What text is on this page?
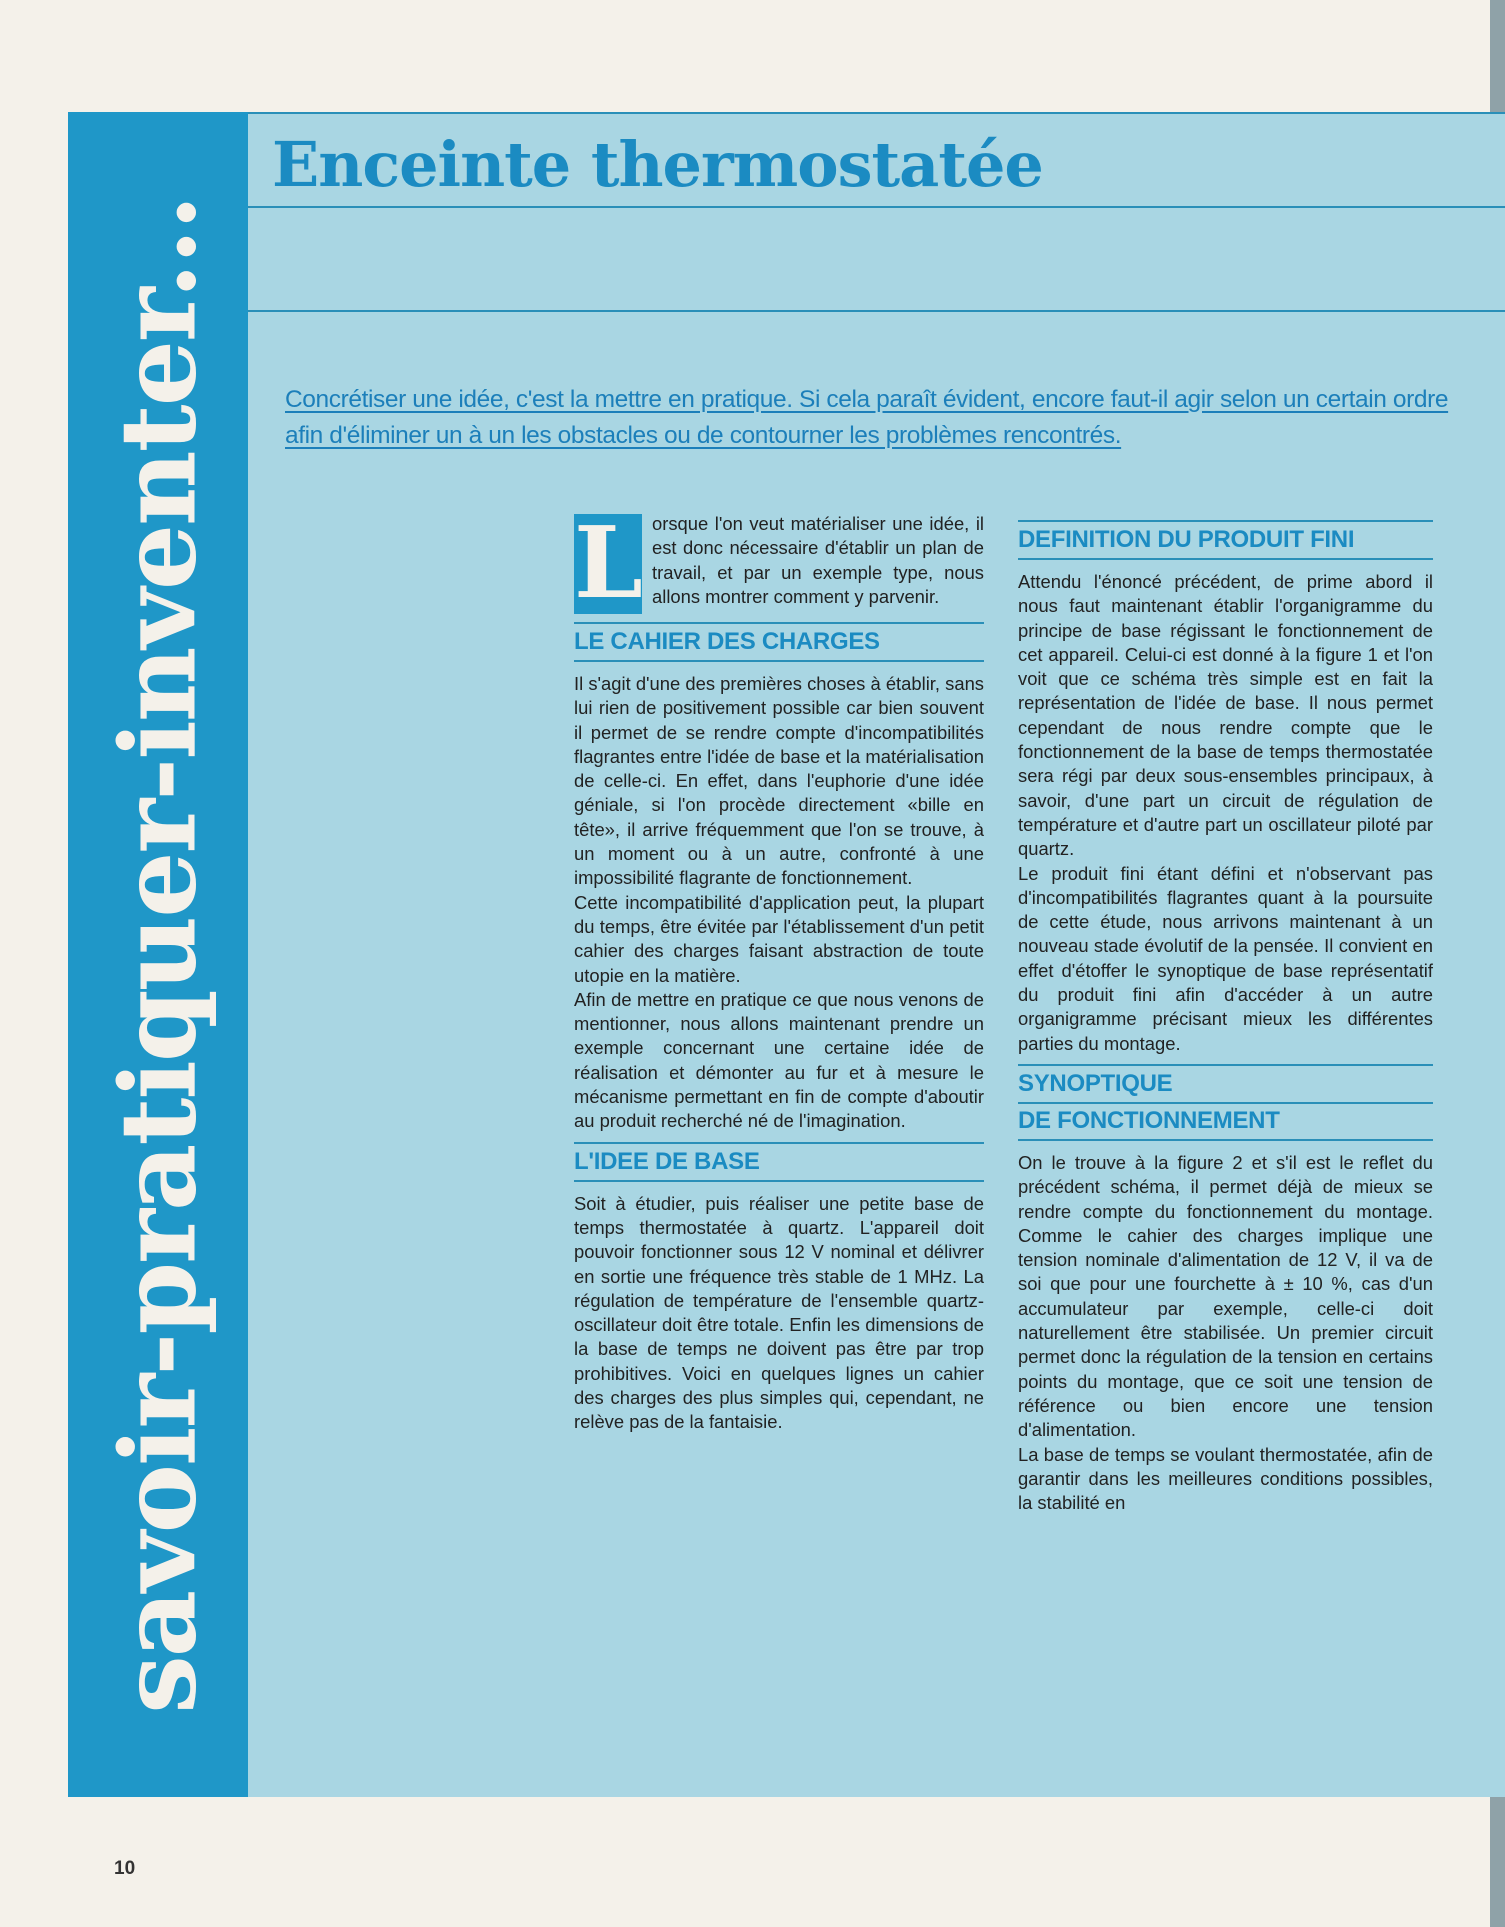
savoir-pratiquer-inventer...
Enceinte thermostatée
Concrétiser une idée, c'est la mettre en pratique. Si cela paraît évident, encore faut-il agir selon un certain ordre afin d'éliminer un à un les obstacles ou de contourner les problèmes rencontrés.
L orsque l'on veut matérialiser une idée, il est donc nécessaire d'établir un plan de travail, et par un exemple type, nous allons montrer comment y parvenir.

LE CAHIER DES CHARGES

Il s'agit d'une des premières choses à établir, sans lui rien de positivement possible car bien souvent il permet de se rendre compte d'incompatibilités flagrantes entre l'idée de base et la matérialisation de celle-ci. En effet, dans l'euphorie d'une idée géniale, si l'on procède directement «bille en tête», il arrive fréquemment que l'on se trouve, à un moment ou à un autre, confronté à une impossibilité flagrante de fonctionnement.

Cette incompatibilité d'application peut, la plupart du temps, être évitée par l'établissement d'un petit cahier des charges faisant abstraction de toute utopie en la matière.

Afin de mettre en pratique ce que nous venons de mentionner, nous allons maintenant prendre un exemple concernant une certaine idée de réalisation et démonter au fur et à mesure le mécanisme permettant en fin de compte d'aboutir au produit recherché né de l'imagination.

L'IDEE DE BASE

Soit à étudier, puis réaliser une petite base de temps thermostatée à quartz. L'appareil doit pouvoir fonctionner sous 12 V nominal et délivrer en sortie une fréquence très stable de 1 MHz. La régulation de température de l'ensemble quartz-oscillateur doit être totale. Enfin les dimensions de la base de temps ne doivent pas être par trop prohibitives. Voici en quelques lignes un cahier des charges des plus simples qui, cependant, ne relève pas de la fantaisie.

DEFINITION DU PRODUIT FINI

Attendu l'énoncé précédent, de prime abord il nous faut maintenant établir l'organigramme du principe de base régissant le fonctionnement de cet appareil. Celui-ci est donné à la figure 1 et l'on voit que ce schéma très simple est en fait la représentation de l'idée de base. Il nous permet cependant de nous rendre compte que le fonctionnement de la base de temps thermostatée sera régi par deux sous-ensembles principaux, à savoir, d'une part un circuit de régulation de température et d'autre part un oscillateur piloté par quartz.

Le produit fini étant défini et n'observant pas d'incompatibilités flagrantes quant à la poursuite de cette étude, nous arrivons maintenant à un nouveau stade évolutif de la pensée. Il convient en effet d'étoffer le synoptique de base représentatif du produit fini afin d'accéder à un autre organigramme précisant mieux les différentes parties du montage.

SYNOPTIQUE
DE FONCTIONNEMENT

On le trouve à la figure 2 et s'il est le reflet du précédent schéma, il permet déjà de mieux se rendre compte du fonctionnement du montage. Comme le cahier des charges implique une tension nominale d'alimentation de 12 V, il va de soi que pour une fourchette à ± 10 %, cas d'un accumulateur par exemple, celle-ci doit naturellement être stabilisée. Un premier circuit permet donc la régulation de la tension en certains points du montage, que ce soit une tension de référence ou bien encore une tension d'alimentation.

La base de temps se voulant thermostatée, afin de garantir dans les meilleures conditions possibles, la stabilité en

10
